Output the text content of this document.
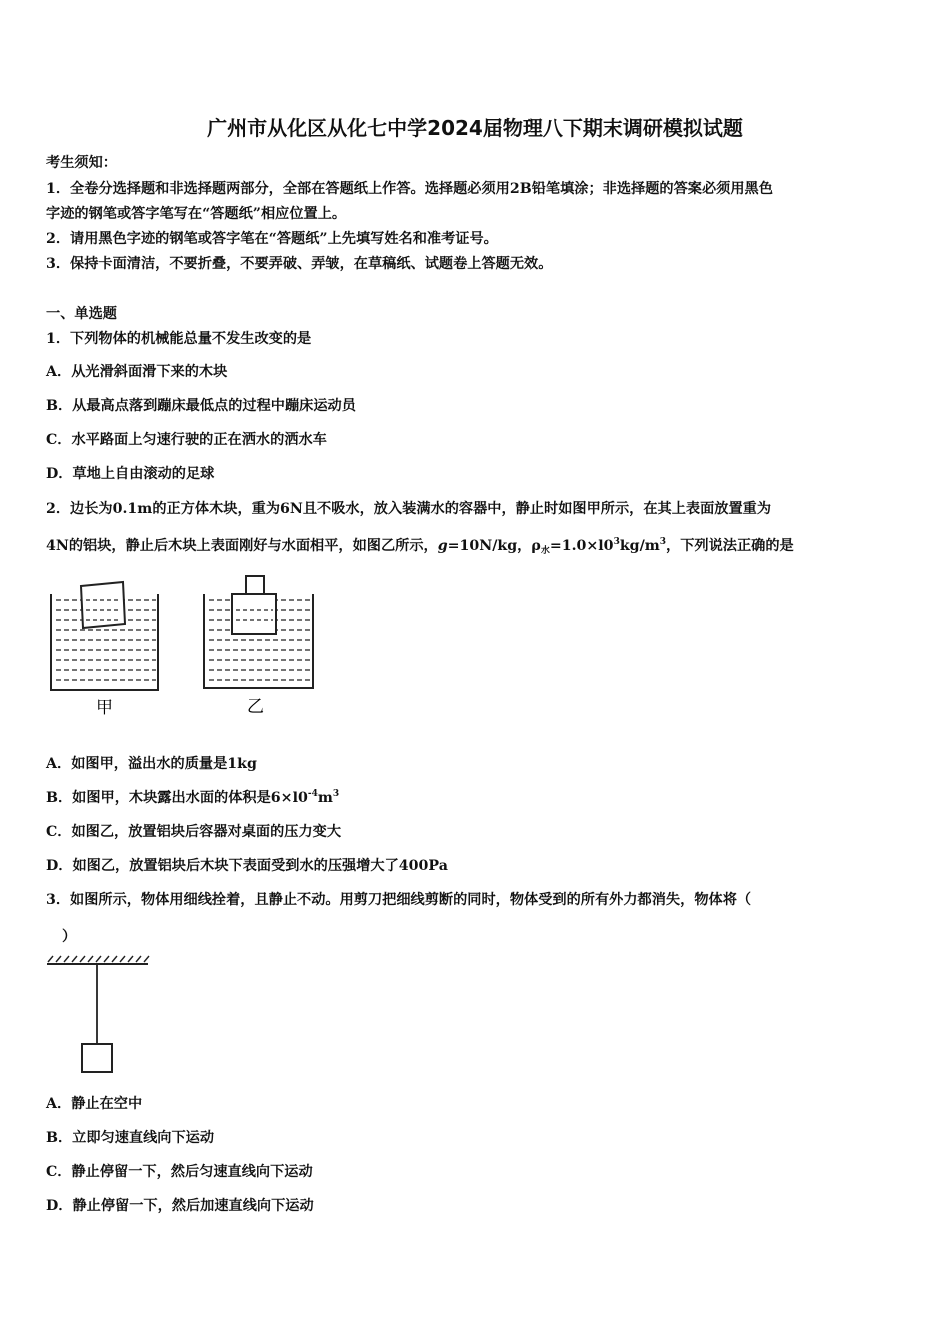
广州市从化区从化七中学2024届物理八下期末调研模拟试题
考生须知：
1．全卷分选择题和非选择题两部分，全部在答题纸上作答。选择题必须用2B铅笔填涂；非选择题的答案必须用黑色
字迹的钢笔或答字笔写在“答题纸”相应位置上。
2．请用黑色字迹的钢笔或答字笔在“答题纸”上先填写姓名和准考证号。
3．保持卡面清洁，不要折叠，不要弄破、弄皱，在草稿纸、试题卷上答题无效。
一、单选题
1．下列物体的机械能总量不发生改变的是
A．从光滑斜面滑下来的木块
B．从最高点落到蹦床最低点的过程中蹦床运动员
C．水平路面上匀速行驶的正在洒水的洒水车
D．草地上自由滚动的足球
2．边长为0.1m的正方体木块，重为6N且不吸水，放入装满水的容器中，静止时如图甲所示，在其上表面放置重为
4N的铝块，静止后木块上表面刚好与水面相平，如图乙所示，g=10N/kg，$\rho_水=1.0\times l0^3kg/m^3$，下列说法正确的是
甲	乙
A．如图甲，溢出水的质量是1kg
B．如图甲，木块露出水面的体积是$6\times l0^{-4}m^3$
C．如图乙，放置铝块后容器对桌面的压力变大
D．如图乙，放置铝块后木块下表面受到水的压强增大了400Pa
3．如图所示，物体用细线拴着，且静止不动。用剪刀把细线剪断的同时，物体受到的所有外力都消失，物体将（
）
A．静止在空中
B．立即匀速直线向下运动
C．静止停留一下，然后匀速直线向下运动
D．静止停留一下，然后加速直线向下运动
